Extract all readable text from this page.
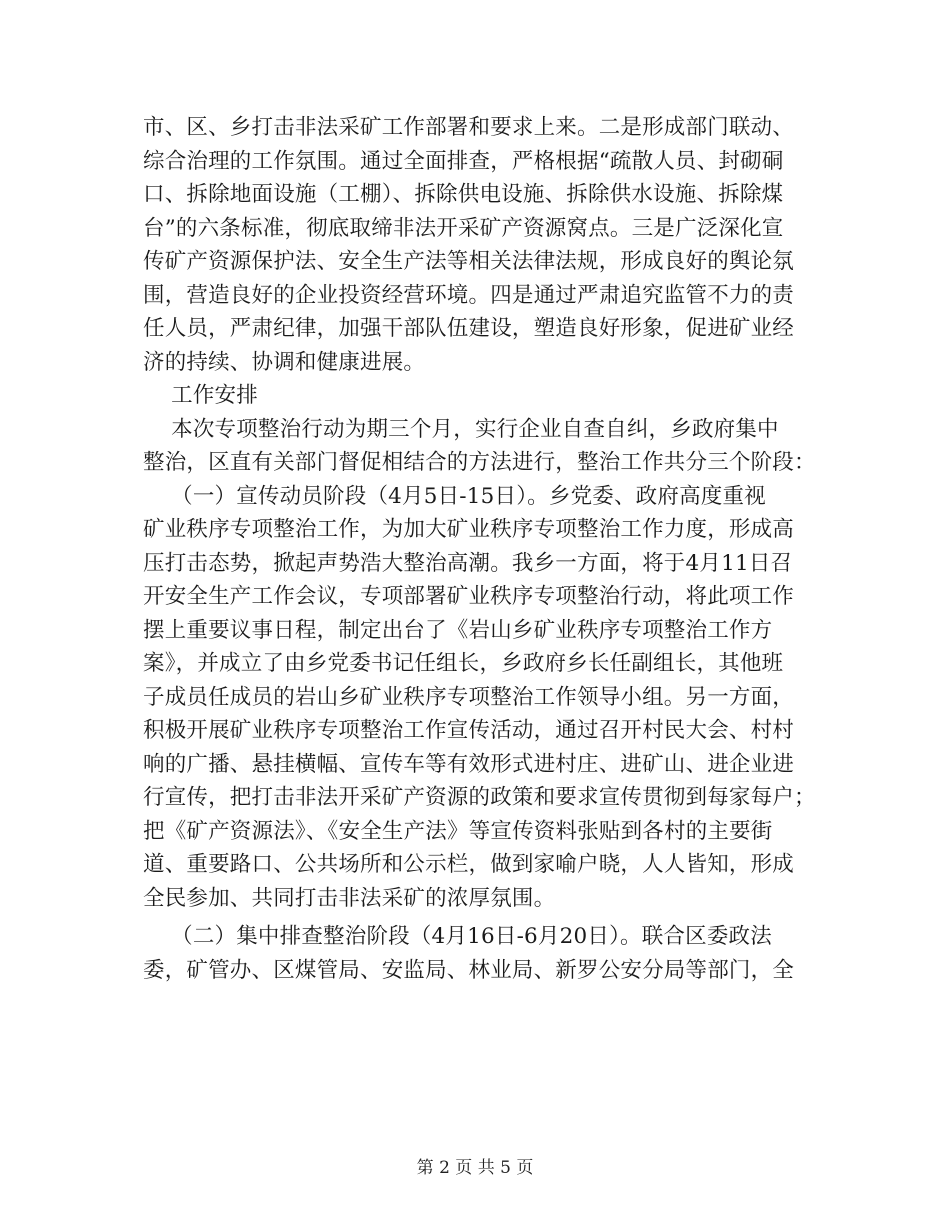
市、区、乡打击非法采矿工作部署和要求上来。二是形成部门联动、
综合治理的工作氛围。通过全面排查，严格根据“疏散人员、封砌硐
口、拆除地面设施（工棚）、拆除供电设施、拆除供水设施、拆除煤
台”的六条标准，彻底取缔非法开采矿产资源窝点。三是广泛深化宣
传矿产资源保护法、安全生产法等相关法律法规，形成良好的舆论氛
围，营造良好的企业投资经营环境。四是通过严肃追究监管不力的责
任人员，严肃纪律，加强干部队伍建设，塑造良好形象，促进矿业经
济的持续、协调和健康进展。
工作安排
本次专项整治行动为期三个月，实行企业自查自纠，乡政府集中
整治，区直有关部门督促相结合的方法进行，整治工作共分三个阶段：
（一）宣传动员阶段（4月5日-15日）。乡党委、政府高度重视
矿业秩序专项整治工作，为加大矿业秩序专项整治工作力度，形成高
压打击态势，掀起声势浩大整治高潮。我乡一方面，将于4月11日召
开安全生产工作会议，专项部署矿业秩序专项整治行动，将此项工作
摆上重要议事日程，制定出台了《岩山乡矿业秩序专项整治工作方
案》，并成立了由乡党委书记任组长，乡政府乡长任副组长，其他班
子成员任成员的岩山乡矿业秩序专项整治工作领导小组。另一方面，
积极开展矿业秩序专项整治工作宣传活动，通过召开村民大会、村村
响的广播、悬挂横幅、宣传车等有效形式进村庄、进矿山、进企业进
行宣传，把打击非法开采矿产资源的政策和要求宣传贯彻到每家每户；
把《矿产资源法》、《安全生产法》等宣传资料张贴到各村的主要街
道、重要路口、公共场所和公示栏，做到家喻户晓，人人皆知，形成
全民参加、共同打击非法采矿的浓厚氛围。
（二）集中排查整治阶段（4月16日-6月20日）。联合区委政法
委，矿管办、区煤管局、安监局、林业局、新罗公安分局等部门，全
第 2 页 共 5 页
